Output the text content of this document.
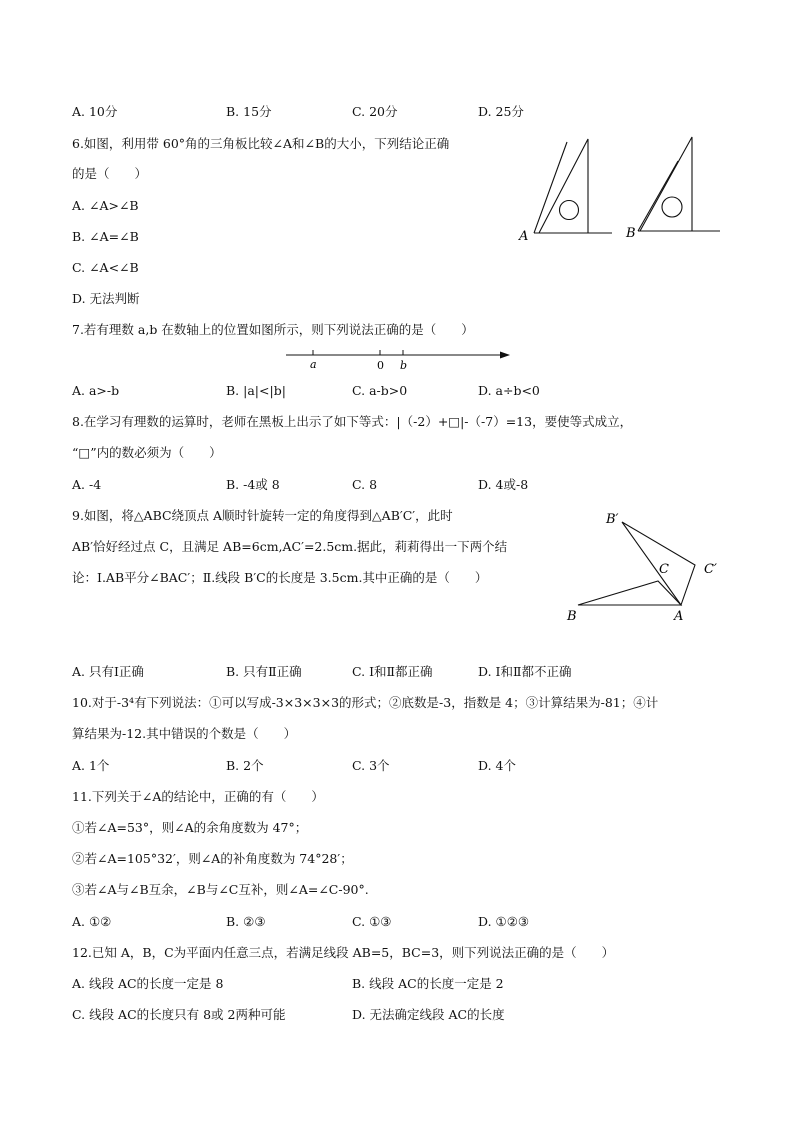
A. 10分	B. 15分	C. 20分	D. 25分
6.如图，利用带 60°角的三角板比较∠A和∠B的大小，下列结论正确
的是（　　）
A. ∠A>∠B
B. ∠A=∠B
C. ∠A<∠B
D. 无法判断
A	B
7.若有理数 a,b 在数轴上的位置如图所示，则下列说法正确的是（　　）
a	0 b
A. a>-b	B. |a|<|b|	C. a-b>0	D. a÷b<0
8.在学习有理数的运算时，老师在黑板上出示了如下等式：|（-2）+□|-（-7）=13，要使等式成立，
“□”内的数必须为（　　）
A. -4	B. -4或 8	C. 8	D. 4或-8
9.如图，将△ABC绕顶点 A顺时针旋转一定的角度得到△AB′C′，此时
AB′恰好经过点 C，且满足 AB=6cm,AC′=2.5cm.据此，莉莉得出一下两个结
论：Ⅰ.AB平分∠BAC′；Ⅱ.线段 B′C的长度是 3.5cm.其中正确的是（　　）
B′
C	C′
B	A
A. 只有Ⅰ正确	B. 只有Ⅱ正确	C. Ⅰ和Ⅱ都正确	D. Ⅰ和Ⅱ都不正确
10.对于-3⁴有下列说法：①可以写成-3×3×3×3的形式；②底数是-3，指数是 4；③计算结果为-81；④计
算结果为-12.其中错误的个数是（　　）
A. 1个	B. 2个	C. 3个	D. 4个
11.下列关于∠A的结论中，正确的有（　　）
①若∠A=53°，则∠A的余角度数为 47°；
②若∠A=105°32′，则∠A的补角度数为 74°28′；
③若∠A与∠B互余，∠B与∠C互补，则∠A=∠C-90°.
A. ①②	B. ②③	C. ①③	D. ①②③
12.已知 A，B，C为平面内任意三点，若满足线段 AB=5，BC=3，则下列说法正确的是（　　）
A. 线段 AC的长度一定是 8	B. 线段 AC的长度一定是 2
C. 线段 AC的长度只有 8或 2两种可能	D. 无法确定线段 AC的长度
